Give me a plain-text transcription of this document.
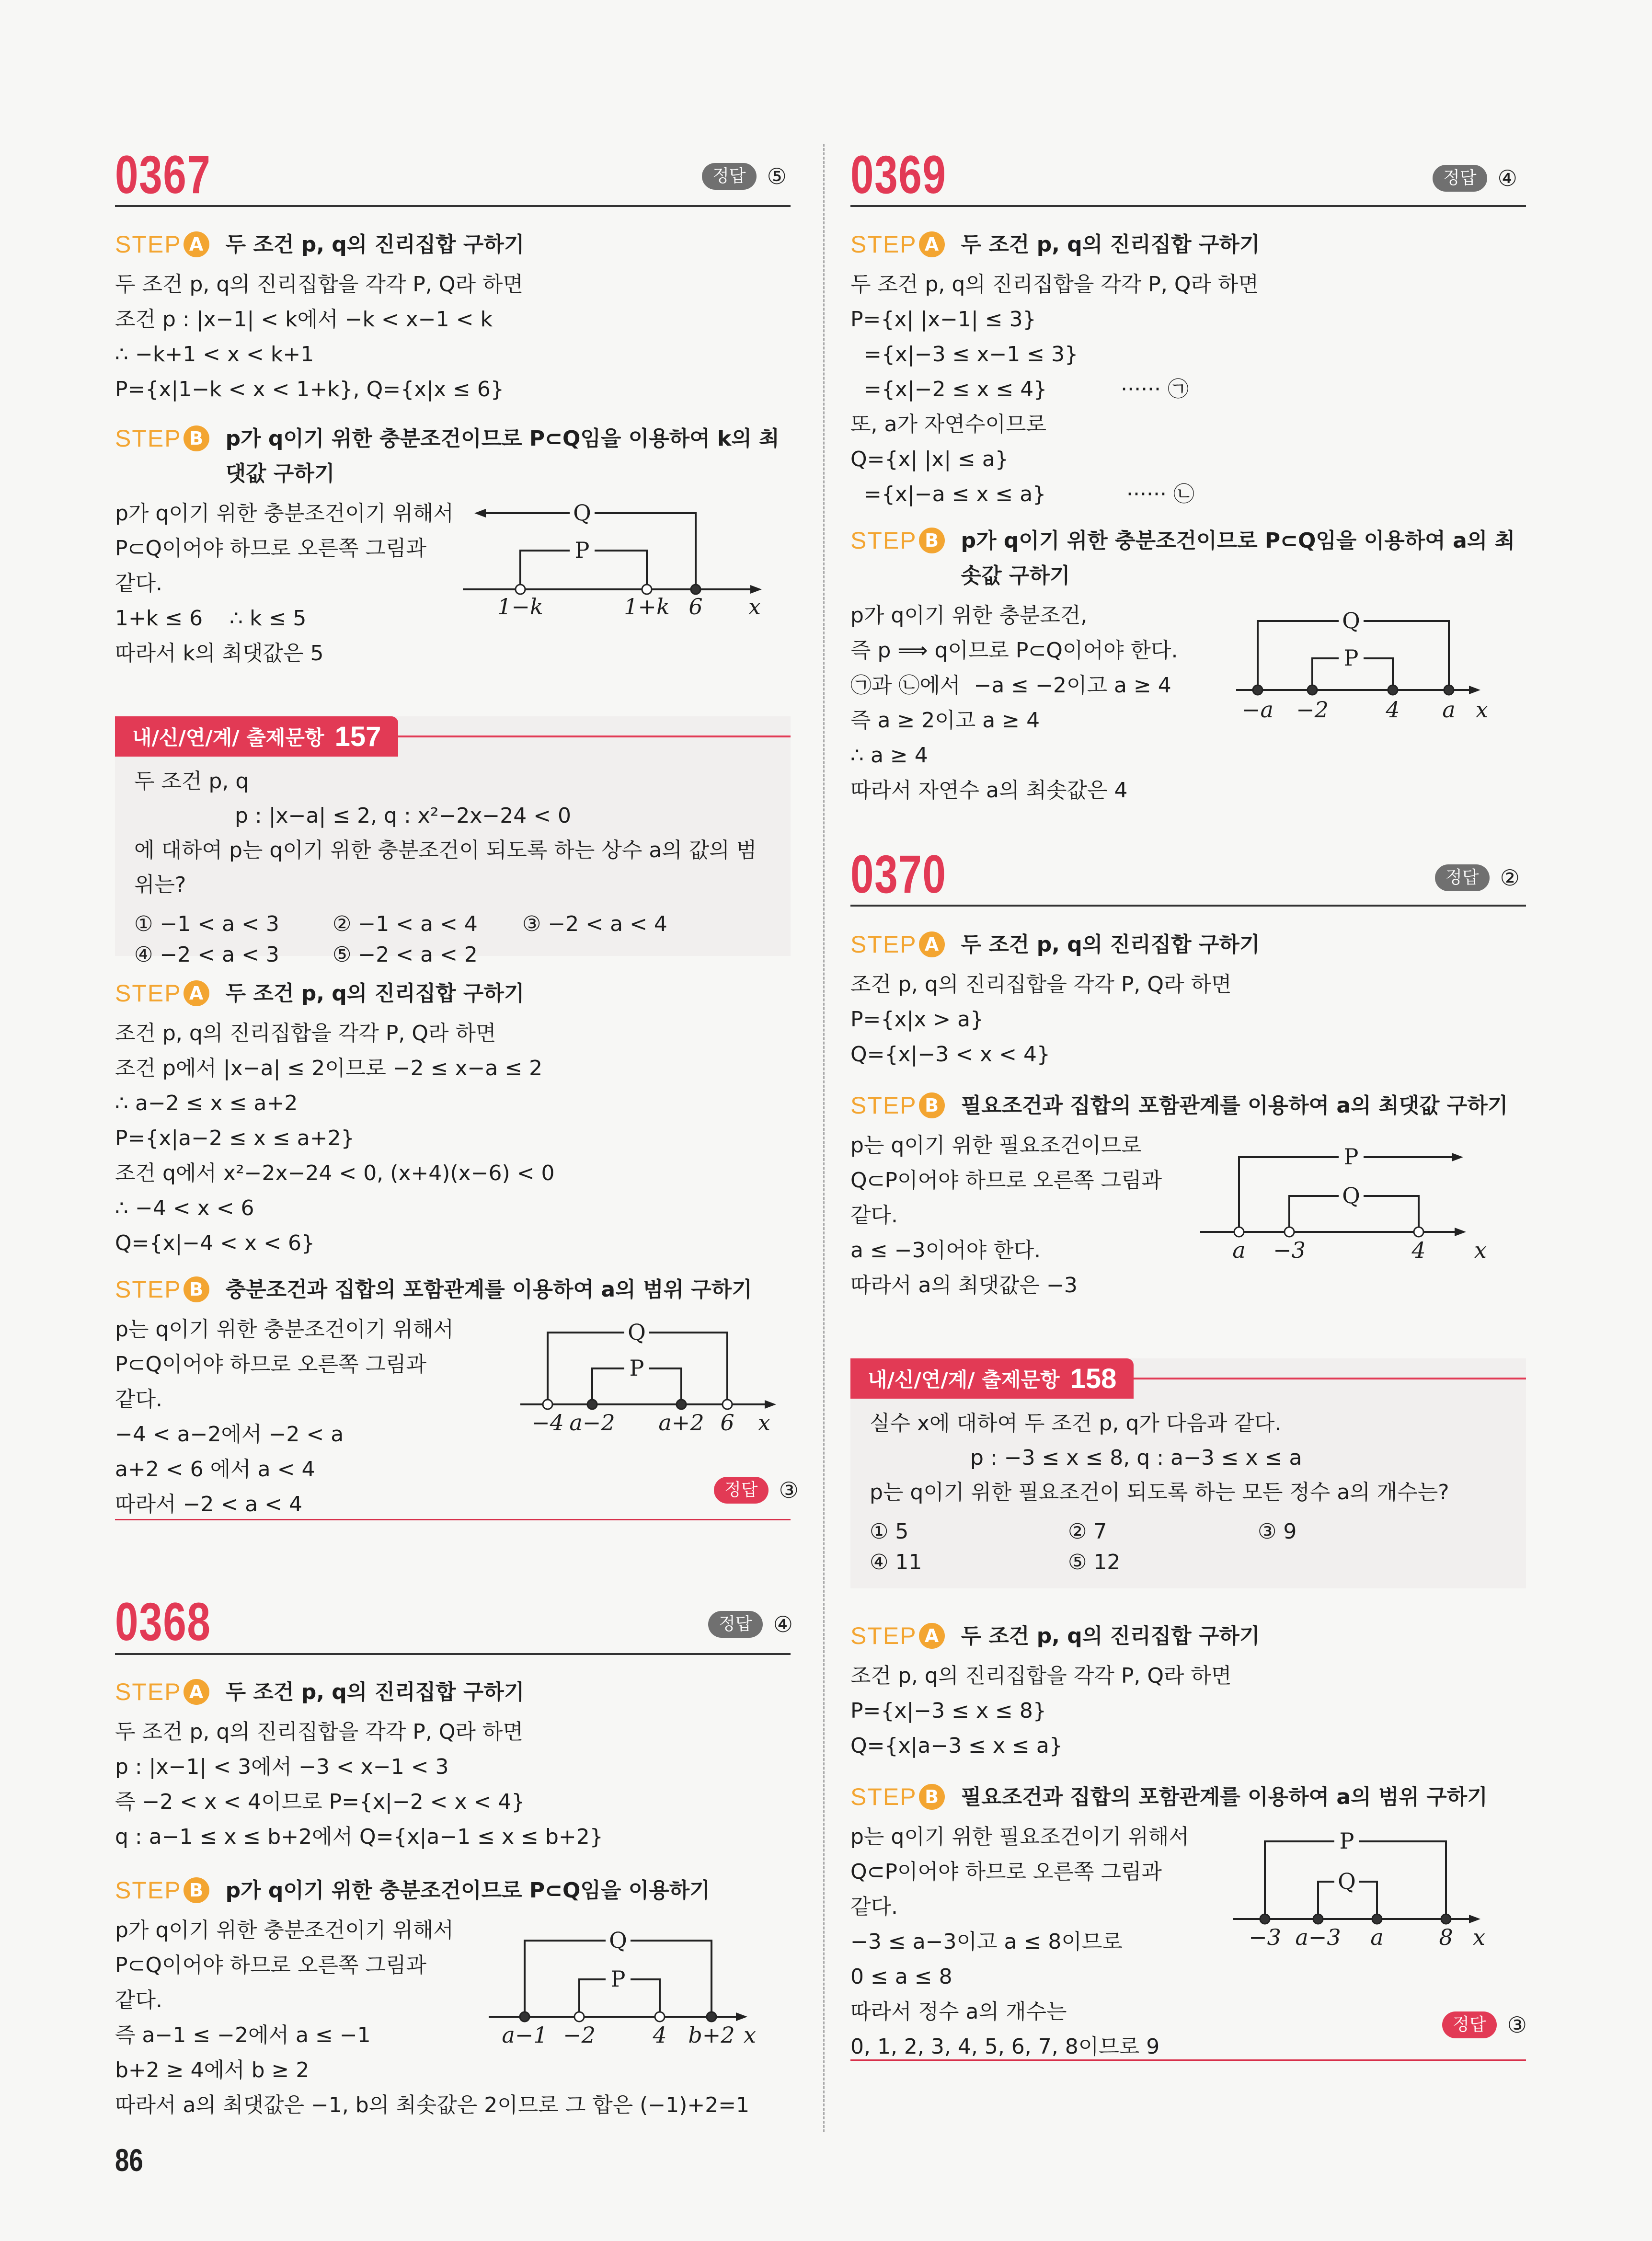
0367	정답 ⑤
STEP A 두 조건 p, q의 진리집합 구하기
두 조건 p, q의 진리집합을 각각 P, Q라 하면
조건 p : |x−1| < k에서 −k < x−1 < k
∴ −k+1 < x < k+1
P={x|1−k < x < 1+k}, Q={x|x ≤ 6}
STEP B p가 q이기 위한 충분조건이므로 P⊂Q임을 이용하여 k의 최댓값 구하기
p가 q이기 위한 충분조건이기 위해서
P⊂Q이어야 하므로 오른쪽 그림과
같다.
1+k ≤ 6    ∴ k ≤ 5
따라서 k의 최댓값은 5
Q
P
1−k	1+k 6 x
내/신/연/계/ 출제문항 157
두 조건 p, q
p : |x−a| ≤ 2, q : x²−2x−24 < 0
에 대하여 p는 q이기 위한 충분조건이 되도록 하는 상수 a의 값의 범위는?
① −1 < a < 3	② −1 < a < 4	③ −2 < a < 4
④ −2 < a < 3	⑤ −2 < a < 2
STEP A 두 조건 p, q의 진리집합 구하기
조건 p, q의 진리집합을 각각 P, Q라 하면
조건 p에서 |x−a| ≤ 2이므로 −2 ≤ x−a ≤ 2
∴ a−2 ≤ x ≤ a+2
P={x|a−2 ≤ x ≤ a+2}
조건 q에서 x²−2x−24 < 0, (x+4)(x−6) < 0
∴ −4 < x < 6
Q={x|−4 < x < 6}
STEP B 충분조건과 집합의 포함관계를 이용하여 a의 범위 구하기
p는 q이기 위한 충분조건이기 위해서
P⊂Q이어야 하므로 오른쪽 그림과
같다.
−4 < a−2에서 −2 < a
a+2 < 6 에서 a < 4
따라서 −2 < a < 4
Q
P
−4 a−2 a+2 6 x
정답 ③
0368	정답 ④
STEP A 두 조건 p, q의 진리집합 구하기
두 조건 p, q의 진리집합을 각각 P, Q라 하면
p : |x−1| < 3에서 −3 < x−1 < 3
즉 −2 < x < 4이므로 P={x|−2 < x < 4}
q : a−1 ≤ x ≤ b+2에서 Q={x|a−1 ≤ x ≤ b+2}
STEP B p가 q이기 위한 충분조건이므로 P⊂Q임을 이용하기
p가 q이기 위한 충분조건이기 위해서
P⊂Q이어야 하므로 오른쪽 그림과
같다.
즉 a−1 ≤ −2에서 a ≤ −1
b+2 ≥ 4에서 b ≥ 2
따라서 a의 최댓값은 −1, b의 최솟값은 2이므로 그 합은 (−1)+2=1
Q
P
a−1 −2	4 b+2 x
86
0369	정답 ④
STEP A 두 조건 p, q의 진리집합 구하기
두 조건 p, q의 진리집합을 각각 P, Q라 하면
P={x| |x−1| ≤ 3}
={x|−3 ≤ x−1 ≤ 3}
={x|−2 ≤ x ≤ 4}           ······ ㉠
또, a가 자연수이므로
Q={x| |x| ≤ a}
={x|−a ≤ x ≤ a}            ······ ㉡
STEP B p가 q이기 위한 충분조건이므로 P⊂Q임을 이용하여 a의 최솟값 구하기
p가 q이기 위한 충분조건,
즉 p ⟹ q이므로 P⊂Q이어야 한다.
㉠과 ㉡에서  −a ≤ −2이고 a ≥ 4
즉 a ≥ 2이고 a ≥ 4
∴ a ≥ 4
따라서 자연수 a의 최솟값은 4
Q
P
−a −2	4 a x
0370	정답 ②
STEP A 두 조건 p, q의 진리집합 구하기
조건 p, q의 진리집합을 각각 P, Q라 하면
P={x|x > a}
Q={x|−3 < x < 4}
STEP B 필요조건과 집합의 포함관계를 이용하여 a의 최댓값 구하기
p는 q이기 위한 필요조건이므로
Q⊂P이어야 하므로 오른쪽 그림과
같다.
a ≤ −3이어야 한다.
따라서 a의 최댓값은 −3
P
Q
a −3	4 x
내/신/연/계/ 출제문항 158
실수 x에 대하여 두 조건 p, q가 다음과 같다.
p : −3 ≤ x ≤ 8, q : a−3 ≤ x ≤ a
p는 q이기 위한 필요조건이 되도록 하는 모든 정수 a의 개수는?
① 5	② 7	③ 9
④ 11	⑤ 12
STEP A 두 조건 p, q의 진리집합 구하기
조건 p, q의 진리집합을 각각 P, Q라 하면
P={x|−3 ≤ x ≤ 8}
Q={x|a−3 ≤ x ≤ a}
STEP B 필요조건과 집합의 포함관계를 이용하여 a의 범위 구하기
p는 q이기 위한 필요조건이기 위해서
Q⊂P이어야 하므로 오른쪽 그림과
같다.
−3 ≤ a−3이고 a ≤ 8이므로
0 ≤ a ≤ 8
따라서 정수 a의 개수는
0, 1, 2, 3, 4, 5, 6, 7, 8이므로 9
P
Q
−3 a−3 a	8 x
정답 ③
